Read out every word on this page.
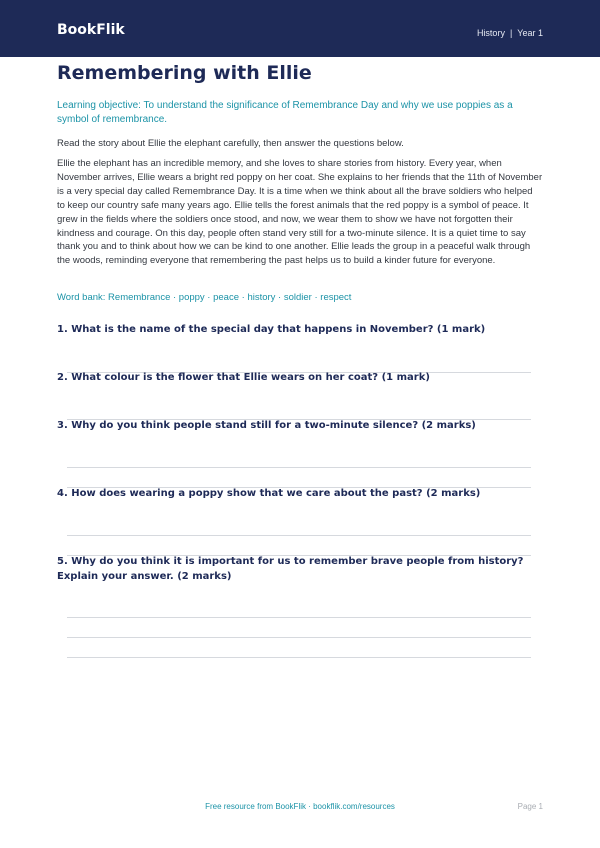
BookFlik	History | Year 1
Remembering with Ellie
Learning objective: To understand the significance of Remembrance Day and why we use poppies as a symbol of remembrance.
Read the story about Ellie the elephant carefully, then answer the questions below.
Ellie the elephant has an incredible memory, and she loves to share stories from history. Every year, when November arrives, Ellie wears a bright red poppy on her coat. She explains to her friends that the 11th of November is a very special day called Remembrance Day. It is a time when we think about all the brave soldiers who helped to keep our country safe many years ago. Ellie tells the forest animals that the red poppy is a symbol of peace. It grew in the fields where the soldiers once stood, and now, we wear them to show we have not forgotten their kindness and courage. On this day, people often stand very still for a two-minute silence. It is a quiet time to say thank you and to think about how we can be kind to one another. Ellie leads the group in a peaceful walk through the woods, reminding everyone that remembering the past helps us to build a kinder future for everyone.
Word bank: Remembrance · poppy · peace · history · soldier · respect

1. What is the name of the special day that happens in November? (1 mark)

2. What colour is the flower that Ellie wears on her coat? (1 mark)

3. Why do you think people stand still for a two-minute silence? (2 marks)

4. How does wearing a poppy show that we care about the past? (2 marks)

5. Why do you think it is important for us to remember brave people from history? Explain your answer. (2 marks)

Free resource from BookFlik · bookflik.com/resources	Page 1
